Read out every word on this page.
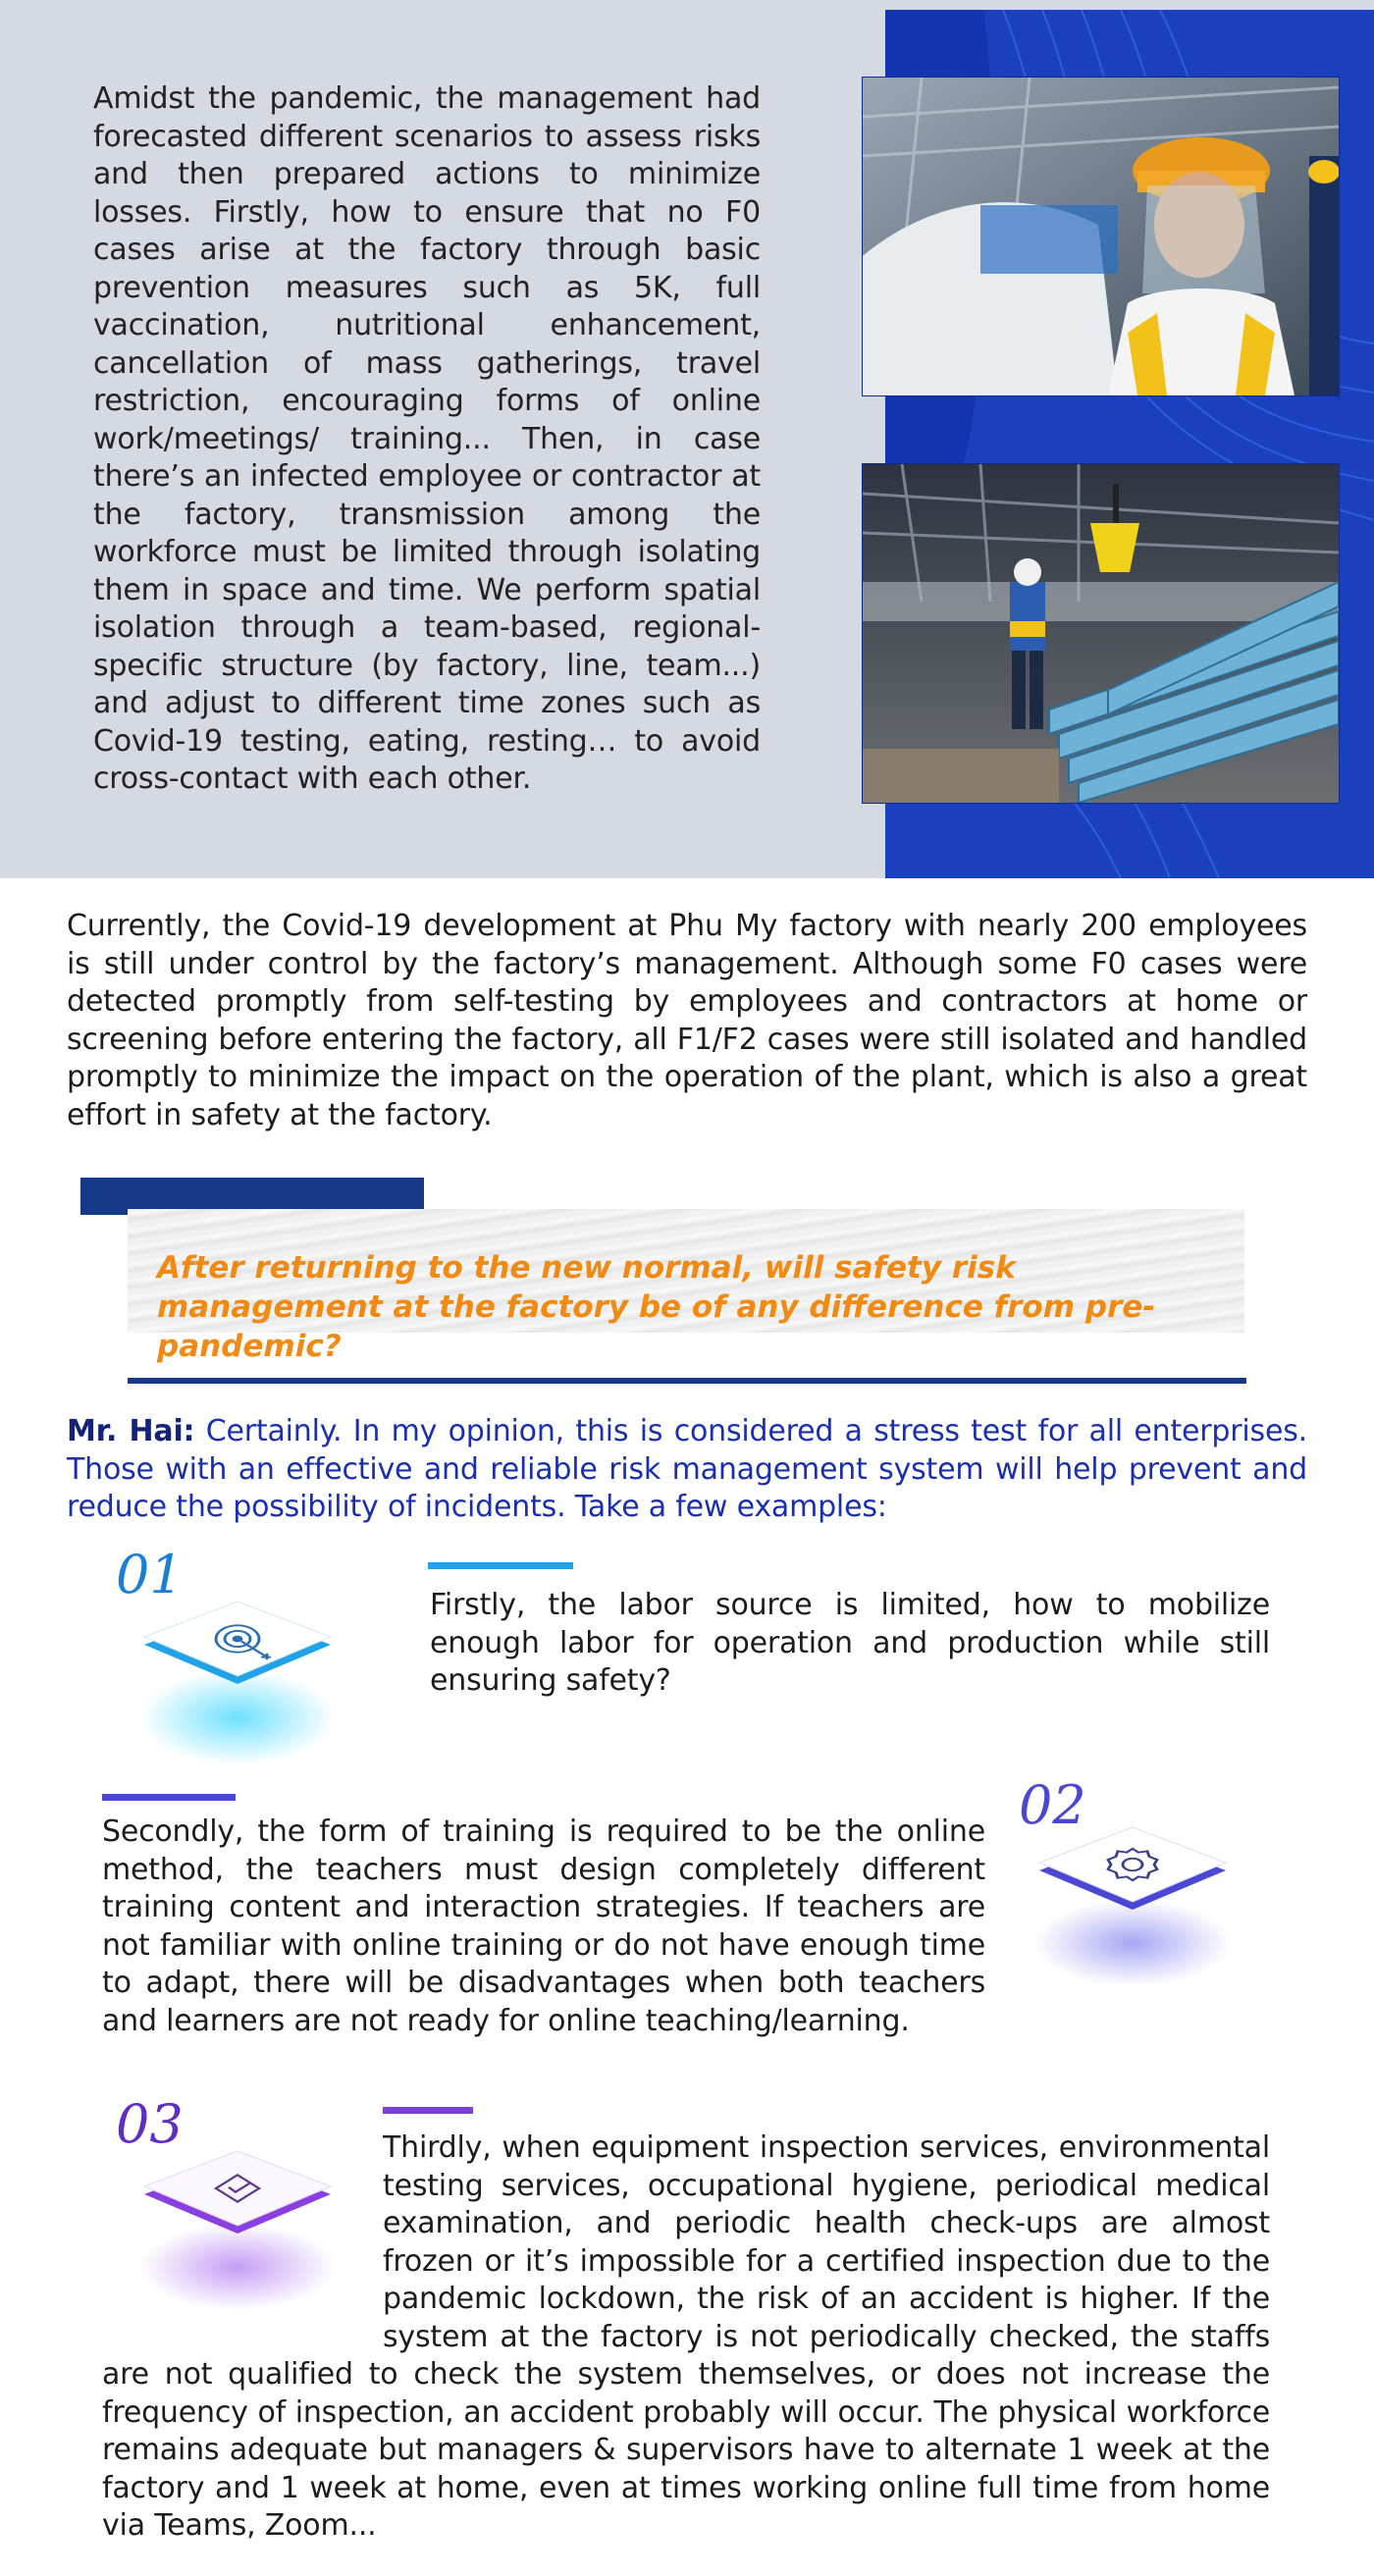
Amidst the pandemic, the management had forecasted different scenarios to assess risks and then prepared actions to minimize losses. Firstly, how to ensure that no F0 cases arise at the factory through basic prevention measures such as 5K, full vaccination, nutritional enhancement, cancellation of mass gatherings, travel restriction, encouraging forms of online work/meetings/ training... Then, in case there’s an infected employee or contractor at the factory, transmission among the workforce must be limited through isolating them in space and time. We perform spatial isolation through a team-based, regional-specific structure (by factory, line, team...) and adjust to different time zones such as Covid-19 testing, eating, resting… to avoid cross-contact with each other.

Currently, the Covid-19 development at Phu My factory with nearly 200 employees is still under control by the factory’s management. Although some F0 cases were detected promptly from self-testing by employees and contractors at home or screening before entering the factory, all F1/F2 cases were still isolated and handled promptly to minimize the impact on the operation of the plant, which is also a great effort in safety at the factory.

After returning to the new normal, will safety risk management at the factory be of any difference from pre-pandemic?

Mr. Hai: Certainly. In my opinion, this is considered a stress test for all enterprises. Those with an effective and reliable risk management system will help prevent and reduce the possibility of incidents. Take a few examples:

01	Firstly, the labor source is limited, how to mobilize enough labor for operation and production while still ensuring safety?

02

Secondly, the form of training is required to be the online method, the teachers must design completely different training content and interaction strategies. If teachers are not familiar with online training or do not have enough time to adapt, there will be disadvantages when both teachers and learners are not ready for online teaching/learning.

03	Thirdly, when equipment inspection services, environmental testing services, occupational hygiene, periodical medical examination, and periodic health check-ups are almost frozen or it’s impossible for a certified inspection due to the pandemic lockdown, the risk of an accident is higher. If the system at the factory is not periodically checked, the staffs are not qualified to check the system themselves, or does not increase the frequency of inspection, an accident probably will occur. The physical workforce remains adequate but managers & supervisors have to alternate 1 week at the factory and 1 week at home, even at times working online full time from home via Teams, Zoom...
